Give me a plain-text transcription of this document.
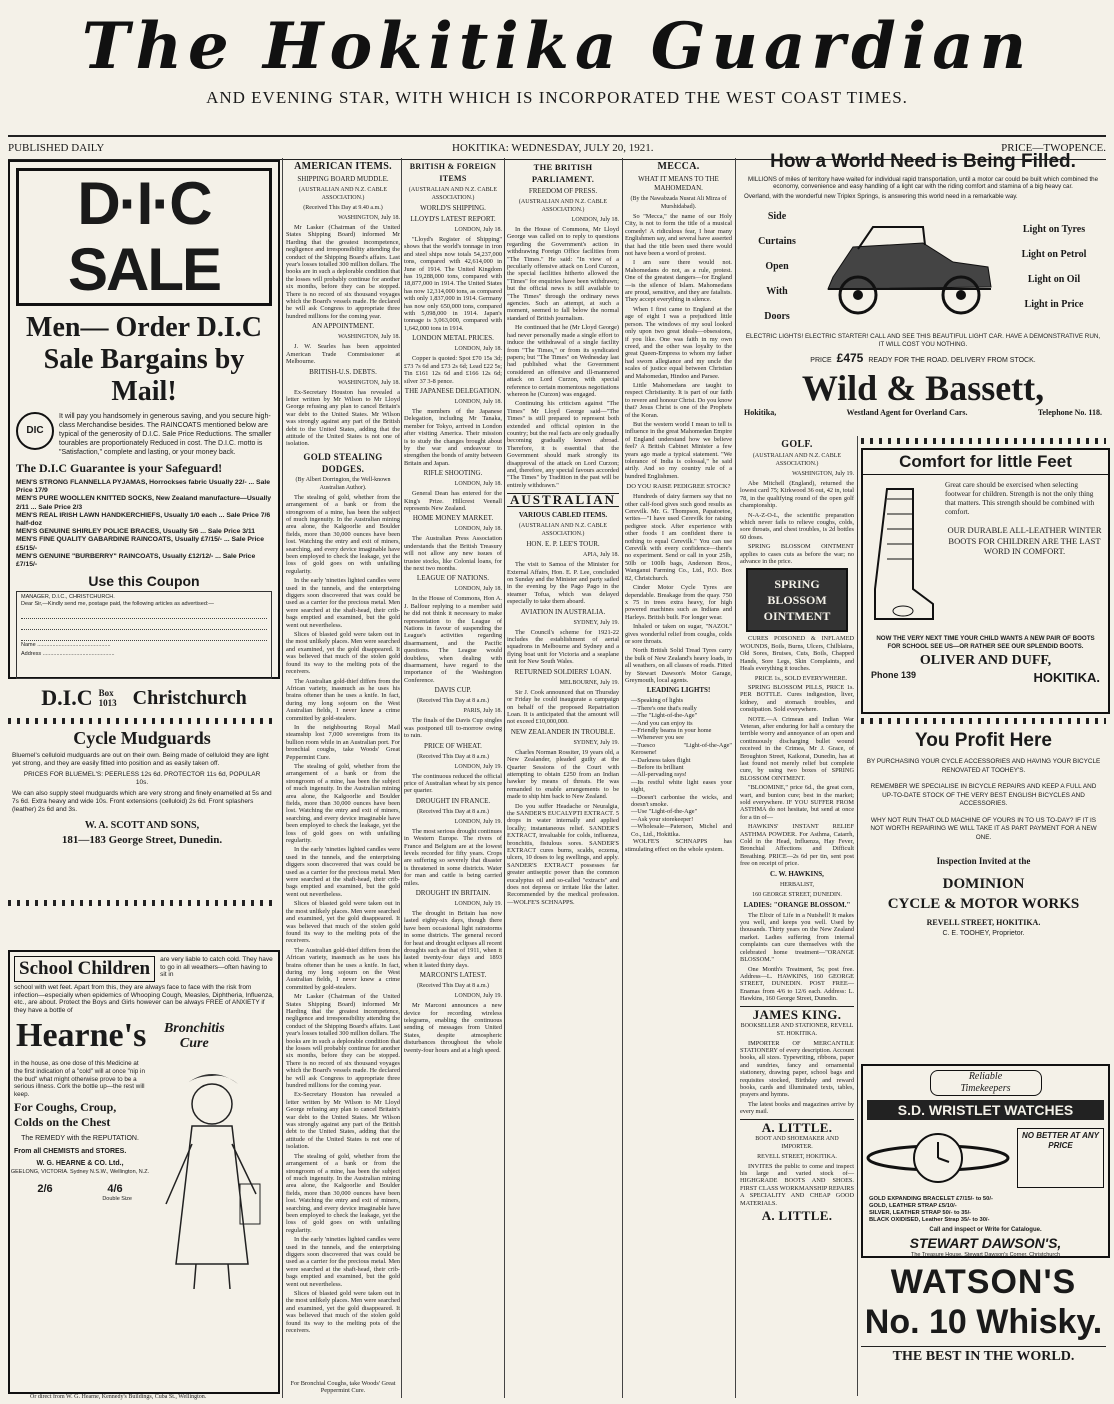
The Hokitika Guardian
AND EVENING STAR, WITH WHICH IS INCORPORATED THE WEST COAST TIMES.
PUBLISHED DAILY	HOKITIKA: WEDNESDAY, JULY 20, 1921.	PRICE—TWOPENCE.
D·I·C SALE
Men— Order D.I.C Sale Bargains by Mail!
DIC
It will pay you handsomely in generous saving, and you secure high-class Merchandise besides. The RAINCOATS mentioned below are typical of the generosity of D.I.C. Sale Price Reductions. The smaller tourables are proportionately Reduced in cost. The D.I.C. motto is "Satisfaction," complete and lasting, or your money back.
The D.I.C Guarantee is your Safeguard!
MEN'S STRONG FLANNELLA PYJAMAS, Horrockses fabric Usually 22/- ... Sale Price 17/9
MEN'S PURE WOOLLEN KNITTED SOCKS, New Zealand manufacture—Usually 2/11 ... Sale Price 2/3
MEN'S REAL IRISH LAWN HANDKERCHIEFS, Usually 1/0 each ... Sale Price 7/6 half-doz
MEN'S GENUINE SHIRLEY POLICE BRACES, Usually 5/6 ... Sale Price 3/11
MEN'S FINE QUALITY GABARDINE RAINCOATS, Usually £7/15/- ... Sale Price £5/15/-
MEN'S GENUINE "BURBERRY" RAINCOATS, Usually £12/12/- ... Sale Price £7/15/-
Use this Coupon
MANAGER, D.I.C., CHRISTCHURCH.
Dear Sir,—Kindly send me, postage paid, the following articles as advertised:—
Name ................................................
Address ...............................................
D.I.C Box 1013 Christchurch
Cycle Mudguards
Bluemel's celluloid mudguards are out on their own. Being made of celluloid they are light yet strong, and they are easily fitted into position and as easily taken off.
PRICES FOR BLUEMEL'S: PEERLESS 12s 6d. PROTECTOR 11s 6d, POPULAR 10s.
We can also supply steel mudguards which are very strong and finely enamelled at 5s and 7s 6d. Extra heavy and wide 10s. Front extensions (celluloid) 2s 6d. Front splashers (leather) 2s 6d and 3s.
W. A. SCOTT AND SONS,
181—183 George Street, Dunedin.
School Children	are very liable to catch cold. They have to go in all weathers—often having to sit in
school with wet feet. Apart from this, they are always face to face with the risk from infection—especially when epidemics of Whooping Cough, Measles, Diphtheria, Influenza, etc., are about. Protect the Boys and Girls however can be always FREE of ANXIETY if they have a bottle of
Hearne's	Bronchitis Cure
in the house, as one dose of this Medicine at the first indication of a "cold" will at once "nip in the bud" what might otherwise prove to be a serious illness. Cork the bottle up—the rest will keep.
For Coughs, Croup,
Colds on the Chest
The REMEDY with the REPUTATION.
From all CHEMISTS and STORES.
W. G. HEARNE & CO. Ltd.,
GEELONG, VICTORIA. Sydney N.S.W., Wellington, N.Z.
2/6	4/6
Double Size
Or direct from W. G. Hearne, Kennedy's Buildings, Cuba St., Wellington.
AMERICAN ITEMS.
SHIPPING BOARD MUDDLE.
(AUSTRALIAN AND N.Z. CABLE ASSOCIATION.)
(Received This Day at 9.40 a.m.)
WASHINGTON, July 18.

Mr Lasker (Chairman of the United States Shipping Board) informed Mr Harding that the greatest incompetence, negligence and irresponsibility attending the conduct of the Shipping Board's affairs. Last year's losses totalled 300 million dollars. The books are in such a deplorable condition that the losses will probably continue for another six months, before they can be stopped. There is no record of six thousand voyages which the Board's vessels made. He declared he will ask Congress to appropriate three hundred millions for the coming year.

AN APPOINTMENT.
WASHINGTON, July 18.

J. W. Searles has been appointed American Trade Commissioner at Melbourne.

BRITISH-U.S. DEBTS.
WASHINGTON, July 18.

Ex-Secretary Houston has revealed a letter written by Mr Wilson to Mr Lloyd George refusing any plan to cancel Britain's war debt to the United States. Mr Wilson was strongly against any part of the British debt to the United States, adding that the attitude of the United States is not one of isolation.

GOLD STEALING DODGES.
(By Albert Dorrington, the Well-known Australian Author).

The stealing of gold, whether from the arrangement of a bank or from the strongroom of a mine, has been the subject of much ingenuity. In the Australian mining area alone, the Kalgoorlie and Boulder fields, more than 30,000 ounces have been lost. Watching the entry and exit of miners, searching, and every device imaginable have been employed to check the leakage, yet the loss of gold goes on with unfailing regularity.

In the early 'nineties lighted candles were used in the tunnels, and the enterprising diggers soon discovered that wax could be used as a carrier for the precious metal. Men were searched at the shaft-head, their crib-bags emptied and examined, but the gold went out nevertheless.

Slices of blasted gold were taken out in the most unlikely places. Men were searched and examined, yet the gold disappeared. It was believed that much of the stolen gold found its way to the melting pots of the receivers.

The Australian gold-thief differs from the African variety, inasmuch as he uses his brains oftener than he uses a knife. In fact, during my long sojourn on the West Australian fields, I never knew a crime committed by gold-stealers.

In the neighbouring Royal Mail steamship lost 7,000 sovereigns from its bullion room while in an Australian port. For bronchial coughs, take Woods' Great Peppermint Cure.

The stealing of gold, whether from the arrangement of a bank or from the strongroom of a mine, has been the subject of much ingenuity. In the Australian mining area alone, the Kalgoorlie and Boulder fields, more than 30,000 ounces have been lost. Watching the entry and exit of miners, searching, and every device imaginable have been employed to check the leakage, yet the loss of gold goes on with unfailing regularity.

In the early 'nineties lighted candles were used in the tunnels, and the enterprising diggers soon discovered that wax could be used as a carrier for the precious metal. Men were searched at the shaft-head, their crib-bags emptied and examined, but the gold went out nevertheless.

Slices of blasted gold were taken out in the most unlikely places. Men were searched and examined, yet the gold disappeared. It was believed that much of the stolen gold found its way to the melting pots of the receivers.

The Australian gold-thief differs from the African variety, inasmuch as he uses his brains oftener than he uses a knife. In fact, during my long sojourn on the West Australian fields, I never knew a crime committed by gold-stealers.

Mr Lasker (Chairman of the United States Shipping Board) informed Mr Harding that the greatest incompetence, negligence and irresponsibility attending the conduct of the Shipping Board's affairs. Last year's losses totalled 300 million dollars. The books are in such a deplorable condition that the losses will probably continue for another six months, before they can be stopped. There is no record of six thousand voyages which the Board's vessels made. He declared he will ask Congress to appropriate three hundred millions for the coming year.

Ex-Secretary Houston has revealed a letter written by Mr Wilson to Mr Lloyd George refusing any plan to cancel Britain's war debt to the United States. Mr Wilson was strongly against any part of the British debt to the United States, adding that the attitude of the United States is not one of isolation.

The stealing of gold, whether from the arrangement of a bank or from the strongroom of a mine, has been the subject of much ingenuity. In the Australian mining area alone, the Kalgoorlie and Boulder fields, more than 30,000 ounces have been lost. Watching the entry and exit of miners, searching, and every device imaginable have been employed to check the leakage, yet the loss of gold goes on with unfailing regularity.

In the early 'nineties lighted candles were used in the tunnels, and the enterprising diggers soon discovered that wax could be used as a carrier for the precious metal. Men were searched at the shaft-head, their crib-bags emptied and examined, but the gold went out nevertheless.

Slices of blasted gold were taken out in the most unlikely places. Men were searched and examined, yet the gold disappeared. It was believed that much of the stolen gold found its way to the melting pots of the receivers.

For Bronchial Coughs, take Woods' Great Peppermint Cure.
BRITISH & FOREIGN ITEMS
(AUSTRALIAN AND N.Z. CABLE ASSOCIATION.)
WORLD'S SHIPPING.
LLOYD'S LATEST REPORT.
LONDON, July 18.

"Lloyd's Register of Shipping" shows that the world's tonnage in iron and steel ships now totals 54,237,000 tons, compared with 42,614,000 in June of 1914. The United Kingdom has 19,288,000 tons, compared with 18,877,000 in 1914. The United States has now 12,314,000 tons, as compared with only 1,837,000 in 1914. Germany has now only 650,000 tons, compared with 5,098,000 in 1914. Japan's tonnage is 3,063,000, compared with 1,642,000 tons in 1914.

LONDON METAL PRICES.
LONDON, July 18.

Copper is quoted: Spot £70 15s 3d; £73 7s 6d and £73 2s 6d; Lead £22 5s; Tin £161 12s 6d and £166 12s 6d; silver 37 3-8 pence.

THE JAPANESE DELEGATION.
LONDON, July 18.

The members of the Japanese Delegation, including Mr Tanaka, member for Tokyo, arrived in London after visiting America. Their mission is to study the changes brought about by the war and endeavour to strengthen the bonds of amity between Britain and Japan.

RIFLE SHOOTING.
LONDON, July 18.

General Dean has entered for the King's Prize. Hillcrest Veenall represents New Zealand.

HOME MONEY MARKET.
LONDON, July 18.

The Australian Press Association understands that the British Treasury will not allow any new issues of trustee stocks, like Colonial loans, for the next two months.

LEAGUE OF NATIONS.
LONDON, July 18.

In the House of Commons, Hon A. J. Balfour replying to a member said he did not think it necessary to make representation to the League of Nations in favour of suspending the League's activities regarding disarmament, and the Pacific questions. The League would doubtless, when dealing with disarmament, have regard to the importance of the Washington Conference.

DAVIS CUP.
(Received This Day at 8 a.m.)
PARIS, July 18.

The finals of the Davis Cup singles was postponed till to-morrow owing to rain.

PRICE OF WHEAT.
(Received This Day at 8 a.m.)
LONDON, July 19.

The continuous reduced the official price of Australian wheat by six pence per quarter.

DROUGHT IN FRANCE.
(Received This Day at 8 a.m.)
LONDON, July 19.

The most serious drought continues in Western Europe. The rivers of France and Belgium are at the lowest levels recorded for fifty years. Crops are suffering so severely that disaster is threatened in some districts. Water for man and cattle is being carried miles.

DROUGHT IN BRITAIN.
LONDON, July 19.

The drought in Britain has now lasted eighty-six days, though there have been occasional light rainstorms in some districts. The general record for heat and drought eclipses all recent droughts such as that of 1911, when it lasted twenty-four days and 1893 when it lasted thirty days.

MARCONI'S LATEST.
(Received This Day at 8 a.m.)
LONDON, July 19.

Mr Marconi announces a new device for recording wireless telegrams, enabling the continuous sending of messages from United States, despite atmospheric disturbances throughout the whole twenty-four hours and at a high speed.

THE BRITISH PARLIAMENT.
FREEDOM OF PRESS.
(AUSTRALIAN AND N.Z. CABLE ASSOCIATION.)
LONDON, July 18.

In the House of Commons, Mr Lloyd George was called on to reply to questions regarding the Government's action in withdrawing Foreign Office facilities from "The Times." He said: "In view of a peculiarly offensive attack on Lord Curzon, the special facilities hitherto allowed the "Times" for enquiries have been withdrawn; but the official news is still available to "The Times" through the ordinary news agencies. Such an attempt, at such a moment, seemed to fall below the normal standard of British journalism.

He continued that he (Mr Lloyd George) had never personally made a single effort to induce the withdrawal of a single facility from "The Times," or from its syndicated papers; but "The Times" on Wednesday last had published what the Government considered an offensive and ill-mannered attack on Lord Curzon, with special reference to certain momentous negotiations whereon he (Curzon) was engaged.

Continuing his criticism against "The Times" Mr Lloyd George said—"The Times" is still prepared to represent both extended and official opinion in the country; but the real facts are only gradually becoming gradually known abroad. Therefore, it is essential that the Government should mark strongly its disapproval of the attack on Lord Curzon; and, therefore, any special favours accorded "The Times" by Tradition in the past will be entirely withdrawn."

AUSTRALIAN
VARIOUS CABLED ITEMS.
(AUSTRALIAN AND N.Z. CABLE ASSOCIATION.)
HON. E. P. LEE'S TOUR.
APIA, July 18.

The visit to Samoa of the Minister for External Affairs, Hon. E. P. Lee, concluded on Sunday and the Minister and party sailed in the evening by the Pago Pago in the steamer Tofua, which was delayed especially to take them aboard.

AVIATION IN AUSTRALIA.
SYDNEY, July 19.

The Council's scheme for 1921-22 includes the establishment of aerial squadrons in Melbourne and Sydney and a flying boat unit for Victoria and a seaplane unit for New South Wales.

RETURNED SOLDIERS' LOAN.
MELBOURNE, July 19.

Sir J. Cook announced that on Thursday or Friday he could inaugurate a campaign on behalf of the proposed Repatriation Loan. It is anticipated that the amount will not exceed £10,000,000.

NEW ZEALANDER IN TROUBLE.
SYDNEY, July 19.

Charles Norman Rossiter, 19 years old, a New Zealander, pleaded guilty at the Quarter Sessions of the Court with attempting to obtain £250 from an Indian hawker by means of threats. He was remanded to enable arrangements to be made to ship him back to New Zealand.

Do you suffer Headache or Neuralgia, the SANDER'S EUCALYPTI EXTRACT. 5 drops in water internally and applied locally; instantaneous relief. SANDER'S EXTRACT, invaluable for colds, influenza, bronchitis, fistulous sores. SANDER'S EXTRACT cures burns, scalds, eczema, ulcers, 10 doses to leg swellings, and apply. SANDER'S EXTRACT possesses far greater antiseptic power than the common eucalyptus oil and so-called "extracts" and does not depress or irritate like the latter. Recommended by the medical profession.—WOLFE'S SCHNAPPS.

MECCA.
WHAT IT MEANS TO THE MAHOMEDAN.
(By the Nawabzada Nusrat Ali Mirza of Murshidabad).

So "Mecca," the name of our Holy City, is not to form the title of a musical comedy! A ridiculous fear, I hear many Englishmen say, and several have asserted that had the title been used there would not have been a word of protest.

I am sure there would not. Mahomedans do not, as a rule, protest. One of the greatest dangers—for England—is the silence of Islam. Mahomedans are proud, sensitive, and they are fatalists. They accept everything in silence.

When I first came to England at the age of eight I was a prejudiced little person. The windows of my soul looked only upon two great ideals—obsessions, if you like. One was faith in my own creed, and the other was loyalty to the great Queen-Empress to whom my father had sworn allegiance and my uncle the scales of justice equal between Christian and Mahomedan, Hindoo and Parsee.

Little Mahomedans are taught to respect Christianity. It is part of our faith to revere and honour Christ. Do you know that? Jesus Christ is one of the Prophets of the Koran.

But the western world I mean to tell is influence in the great Mahomedan Empire of England understand how we believe feel? A British Cabinet Minister a few years ago made a typical statement. "We tolerance of India is colossal," he said airily. And so my country rule of a hundred Englishmen.

DO YOU RAISE PEDIGREE STOCK?

Hundreds of dairy farmers say that no other calf-food gives such good results as Cerevilk. Mr. G. Thompson, Papatoetoe, writes—"I have used Cerevilk for raising pedigree stock. After experience with other foods I am confident there is nothing to equal Cerevilk." You can use Cerevilk with every confidence—there's no experiment. Send or call in your 25lb, 50lb or 100lb bags, Anderson Bros., Wanganui Farming Co., Ltd., P.O. Box 82, Christchurch.

Cinder Motor Cycle Tyres are dependable. Breakage from the quay. 750 x 75 in trees extra heavy, for high powered machines such as Indians and Harleys. British built. For longer wear.

Inhaled or taken on sugar, "NAZOL" gives wonderful relief from coughs, colds or sore throats.

North British Solid Tread Tyres carry the bulk of New Zealand's heavy loads, in all weathers, on all classes of roads. Fitted by Stewart Dawson's Motor Garage, Greymouth, local agents.

LEADING LIGHTS!
—Speaking of lights
—There's one that's really
—The "Light-of-the-Age"
—And you can enjoy its
—Friendly beams in your home
—Whenever you see
—Tuesco "Light-of-the-Age" Kerosene!
—Darkness takes flight
—Before its brilliant
—All-pervading rays!
—Its restful white light eases your sight,
—Doesn't carbonise the wicks, and doesn't smoke.
—Use "Light-of-the-Age"
—Ask your storekeeper!
—Wholesale—Paterson, Michel and Co., Ltd., Hokitika.

WOLFE'S SCHNAPPS has stimulating effect on the whole system.

How a World Need is Being Filled.
MILLIONS of miles of territory have waited for individual rapid transportation, until a motor car could be built which combined the economy, convenience and easy handling of a light car with the riding comfort and stamina of a big heavy car.
Overland, with the wonderful new Triplex Springs, is answering this world need in a remarkable way.
Side
Curtains
Open
With
Doors
Light on Tyres
Light on Petrol
Light on Oil
Light in Price
ELECTRIC LIGHTS! ELECTRIC STARTER! CALL AND SEE THIS BEAUTIFUL LIGHT CAR. HAVE A DEMONSTRATIVE RUN, IT WILL COST YOU NOTHING.
PRICE £475 READY FOR THE ROAD. DELIVERY FROM STOCK.
Wild & Bassett,
Hokitika,	Westland Agent for Overland Cars.	Telephone No. 118.
GOLF.
(AUSTRALIAN AND N.Z. CABLE ASSOCIATION.)
WASHINGTON, July 19.

Abe Mitchell (England), returned the lowest card 75; Kirkwood 36 out, 42 in, total 78, in the qualifying round of the open golf championship.

N-A-Z-O-L, the scientific preparation which never fails to relieve coughs, colds, sore throats, and chest troubles, is 2d bottles 60 doses.

SPRING BLOSSOM OINTMENT applies to cases cuts as before the war; no advance in the price.

SPRING BLOSSOM OINTMENT

CURES POISONED & INFLAMED WOUNDS, Boils, Burns, Ulcers, Chilblains, Old Sores, Bruises, Cuts, Boils, Chapped Hands, Sore Legs, Skin Complaints, and Heals everything it touches.

PRICE 1s., SOLD EVERYWHERE.

SPRING BLOSSOM PILLS, PRICE 1s. PER BOTTLE. Cures indigestion, liver, kidney, and stomach troubles, and constipation. Sold everywhere.

NOTE.—A Crimean and Indian War Veteran, after enduring for half a century the terrible worry and annoyance of an open and continuously discharging bullet wound received in the Crimea, Mr J. Grace, of Broughton Street, Kaikorai, Dunedin, has at last found not merely relief but complete cure, by using two boxes of SPRING BLOSSOM OINTMENT.

"BLOOMINE," price 6d., the great corn, wart, and bunion cure; best in the market; sold everywhere. IF YOU SUFFER FROM ASTHMA do not hesitate, but send at once for a tin of—

HAWKINS' INSTANT RELIEF ASTHMA POWDER. For Asthma, Catarrh, Cold in the Head, Influenza, Hay Fever, Bronchial Affections and Difficult Breathing. PRICE—2s 6d per tin, sent post free on receipt of price.

C. W. HAWKINS,
HERBALIST,
160 GEORGE STREET, DUNEDIN.
LADIES: "ORANGE BLOSSOM."

The Elixir of Life in a Nutshell! It makes you well, and keeps you well. Used by thousands. Thirty years on the New Zealand market. Ladies suffering from internal complaints can cure themselves with the celebrated home treatment—"ORANGE BLOSSOM."

One Month's Treatment, 5s; post free. Address—L. HAWKINS, 160 GEORGE STREET, DUNEDIN. POST FREE—Enamas from 4/6 to 12/6 each. Address: L. Hawkins, 160 George Street, Dunedin.

JAMES KING.
BOOKSELLER AND STATIONER, REVELL ST. HOKITIKA.

IMPORTER OF MERCANTILE STATIONERY of every description. Account books, all sizes. Typewriting, ribbons, paper and sundries, fancy and ornamental stationery, drawing paper, school bags and requisites stocked, Birthday and reward books, cards and illuminated texts, tables, prayers and hymns.

The latest books and magazines arrive by every mail.

A. LITTLE.
BOOT AND SHOEMAKER AND IMPORTER.
REVELL STREET, HOKITIKA.

INVITES the public to come and inspect his large and varied stock of— HIGHGRADE BOOTS AND SHOES. FIRST CLASS WORKMANSHIP REPAIRS A SPECIALITY AND CHEAP GOOD MATERIALS.

A. LITTLE.
Comfort for little Feet
Great care should be exercised when selecting footwear for children. Strength is not the only thing that matters. This strength should be combined with comfort.
OUR DURABLE ALL-LEATHER WINTER BOOTS FOR CHILDREN ARE THE LAST WORD IN COMFORT.
NOW THE VERY NEXT TIME YOUR CHILD WANTS A NEW PAIR OF BOOTS FOR SCHOOL SEE US—OR RATHER SEE OUR SPLENDID BOOTS.
OLIVER AND DUFF,
Phone 139	HOKITIKA.
You Profit Here
BY PURCHASING YOUR CYCLE ACCESSORIES AND HAVING YOUR BICYCLE RENOVATED AT TOOHEY'S.
REMEMBER WE SPECIALISE IN BICYCLE REPAIRS AND KEEP A FULL AND UP-TO-DATE STOCK OF THE VERY BEST ENGLISH BICYCLES AND ACCESSORIES.
WHY NOT RUN THAT OLD MACHINE OF YOURS IN TO US TO-DAY? IF IT IS NOT WORTH REPAIRING WE WILL TAKE IT AS PART PAYMENT FOR A NEW ONE.
Inspection Invited at the
DOMINION
CYCLE & MOTOR WORKS
REVELL STREET, HOKITIKA.
C. E. TOOHEY, Proprietor.
Reliable
Timekeepers
S.D. WRISTLET WATCHES
NO BETTER AT ANY PRICE
GOLD EXPANDING BRACELET £7/15/- to 50/-
GOLD, LEATHER STRAP £5/10/-
SILVER, LEATHER STRAP 50/- to 35/-
BLACK OXIDISED, Leather Strap 35/- to 30/-
Call and inspect or Write for Catalogue.
STEWART DAWSON'S,
The Treasure House, Stewart Dawson's Corner, Christchurch
WATSON'S
No. 10 Whisky.
THE BEST IN THE WORLD.
